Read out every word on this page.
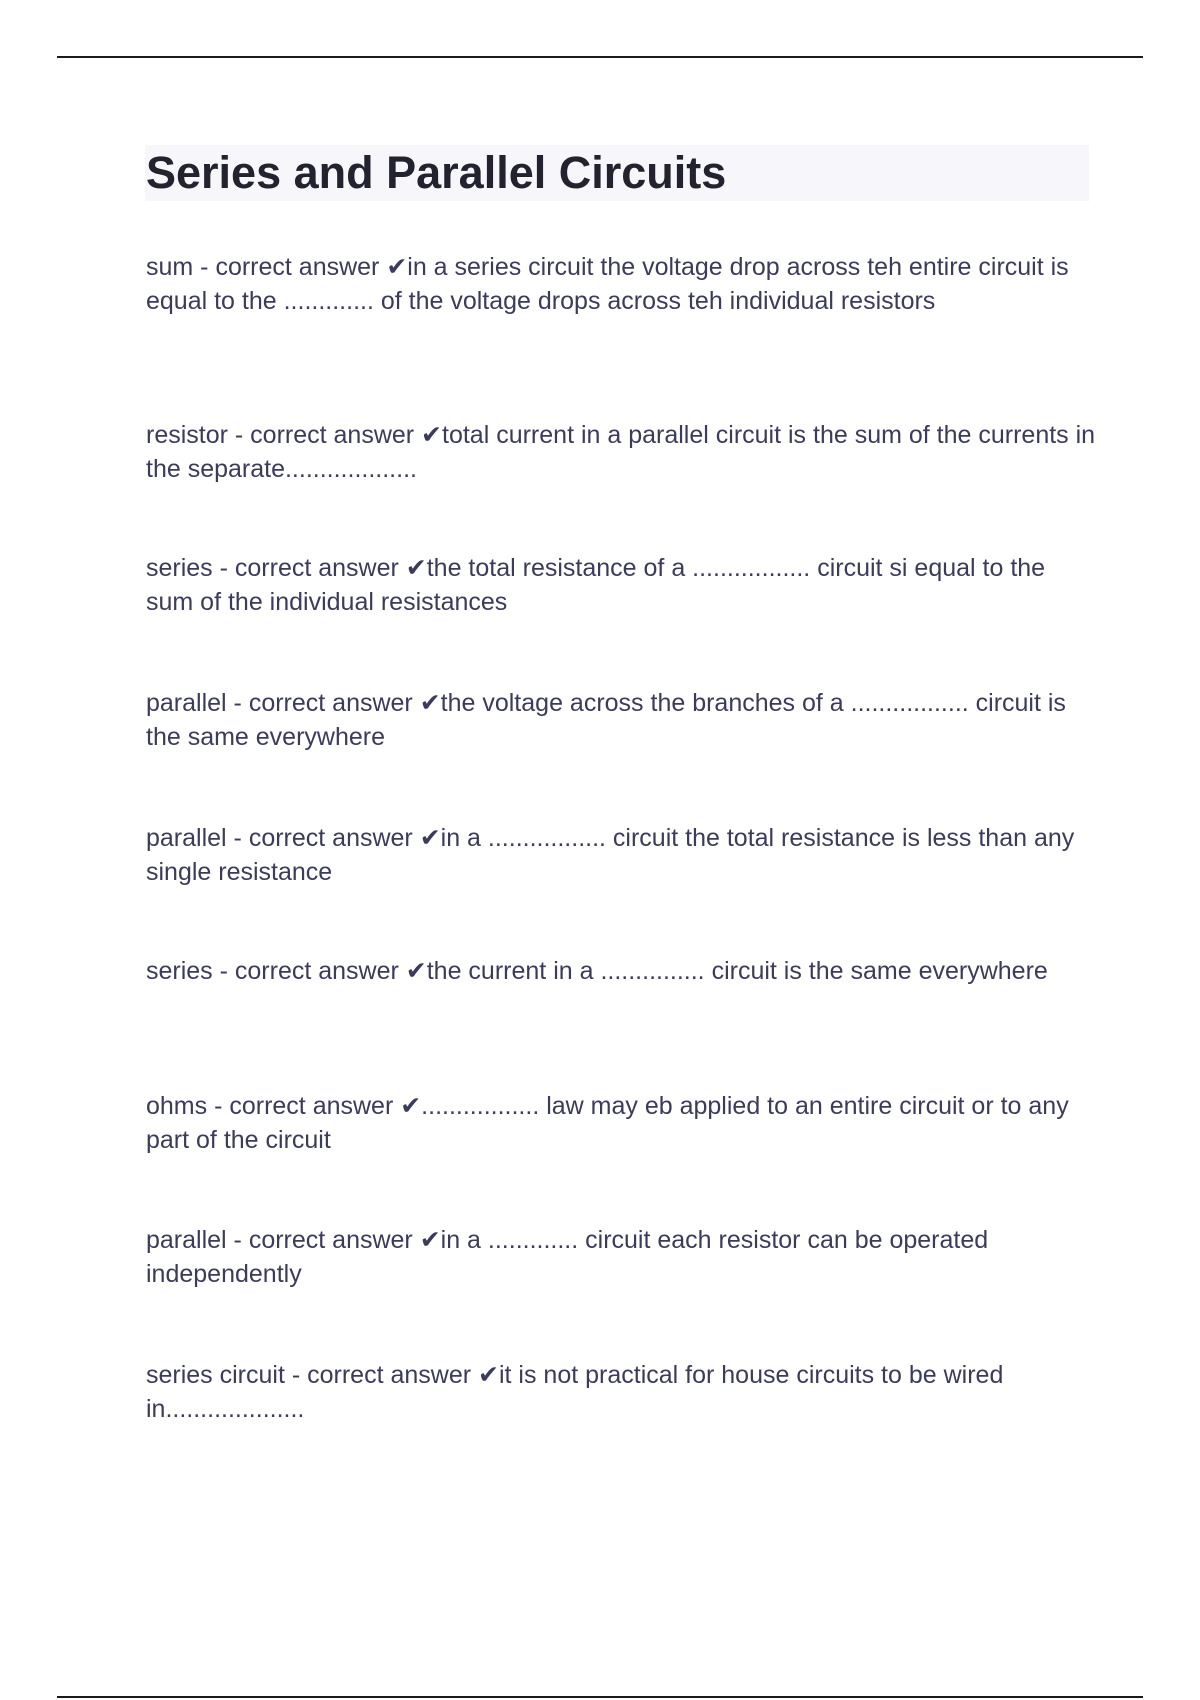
Series and Parallel Circuits

sum - correct answer ✔in a series circuit the voltage drop across teh entire circuit is equal to the ............. of the voltage drops across teh individual resistors

resistor - correct answer ✔total current in a parallel circuit is the sum of the currents in the separate...................

series - correct answer ✔the total resistance of a ................. circuit si equal to the sum of the individual resistances

parallel - correct answer ✔the voltage across the branches of a ................. circuit is the same everywhere

parallel - correct answer ✔in a ................. circuit the total resistance is less than any single resistance

series - correct answer ✔the current in a ............... circuit is the same everywhere

ohms - correct answer ✔................. law may eb applied to an entire circuit or to any part of the circuit

parallel - correct answer ✔in a ............. circuit each resistor can be operated independently

series circuit - correct answer ✔it is not practical for house circuits to be wired in....................
